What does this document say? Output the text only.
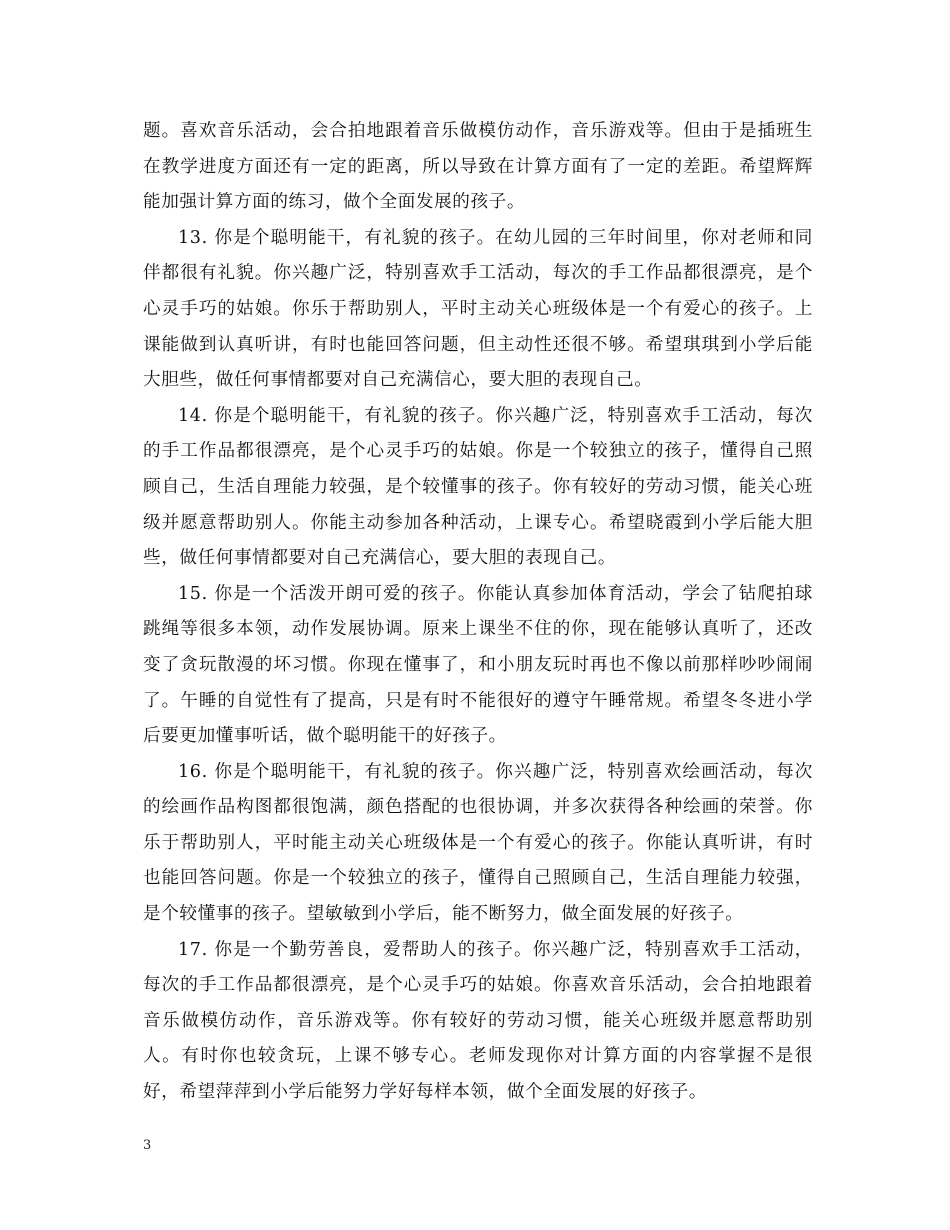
题。喜欢音乐活动，会合拍地跟着音乐做模仿动作，音乐游戏等。但由于是插班生在教学进度方面还有一定的距离，所以导致在计算方面有了一定的差距。希望辉辉能加强计算方面的练习，做个全面发展的孩子。

13. 你是个聪明能干，有礼貌的孩子。在幼儿园的三年时间里，你对老师和同伴都很有礼貌。你兴趣广泛，特别喜欢手工活动，每次的手工作品都很漂亮，是个心灵手巧的姑娘。你乐于帮助别人，平时主动关心班级体是一个有爱心的孩子。上课能做到认真听讲，有时也能回答问题，但主动性还很不够。希望琪琪到小学后能大胆些，做任何事情都要对自己充满信心，要大胆的表现自己。

14. 你是个聪明能干，有礼貌的孩子。你兴趣广泛，特别喜欢手工活动，每次的手工作品都很漂亮，是个心灵手巧的姑娘。你是一个较独立的孩子，懂得自己照顾自己，生活自理能力较强，是个较懂事的孩子。你有较好的劳动习惯，能关心班级并愿意帮助别人。你能主动参加各种活动，上课专心。希望晓霞到小学后能大胆些，做任何事情都要对自己充满信心，要大胆的表现自己。

15. 你是一个活泼开朗可爱的孩子。你能认真参加体育活动，学会了钻爬拍球跳绳等很多本领，动作发展协调。原来上课坐不住的你，现在能够认真听了，还改变了贪玩散漫的坏习惯。你现在懂事了，和小朋友玩时再也不像以前那样吵吵闹闹了。午睡的自觉性有了提高，只是有时不能很好的遵守午睡常规。希望冬冬进小学后要更加懂事听话，做个聪明能干的好孩子。

16. 你是个聪明能干，有礼貌的孩子。你兴趣广泛，特别喜欢绘画活动，每次的绘画作品构图都很饱满，颜色搭配的也很协调，并多次获得各种绘画的荣誉。你乐于帮助别人，平时能主动关心班级体是一个有爱心的孩子。你能认真听讲，有时也能回答问题。你是一个较独立的孩子，懂得自己照顾自己，生活自理能力较强，是个较懂事的孩子。望敏敏到小学后，能不断努力，做全面发展的好孩子。

17. 你是一个勤劳善良，爱帮助人的孩子。你兴趣广泛，特别喜欢手工活动，每次的手工作品都很漂亮，是个心灵手巧的姑娘。你喜欢音乐活动，会合拍地跟着音乐做模仿动作，音乐游戏等。你有较好的劳动习惯，能关心班级并愿意帮助别人。有时你也较贪玩，上课不够专心。老师发现你对计算方面的内容掌握不是很好，希望萍萍到小学后能努力学好每样本领，做个全面发展的好孩子。

3
